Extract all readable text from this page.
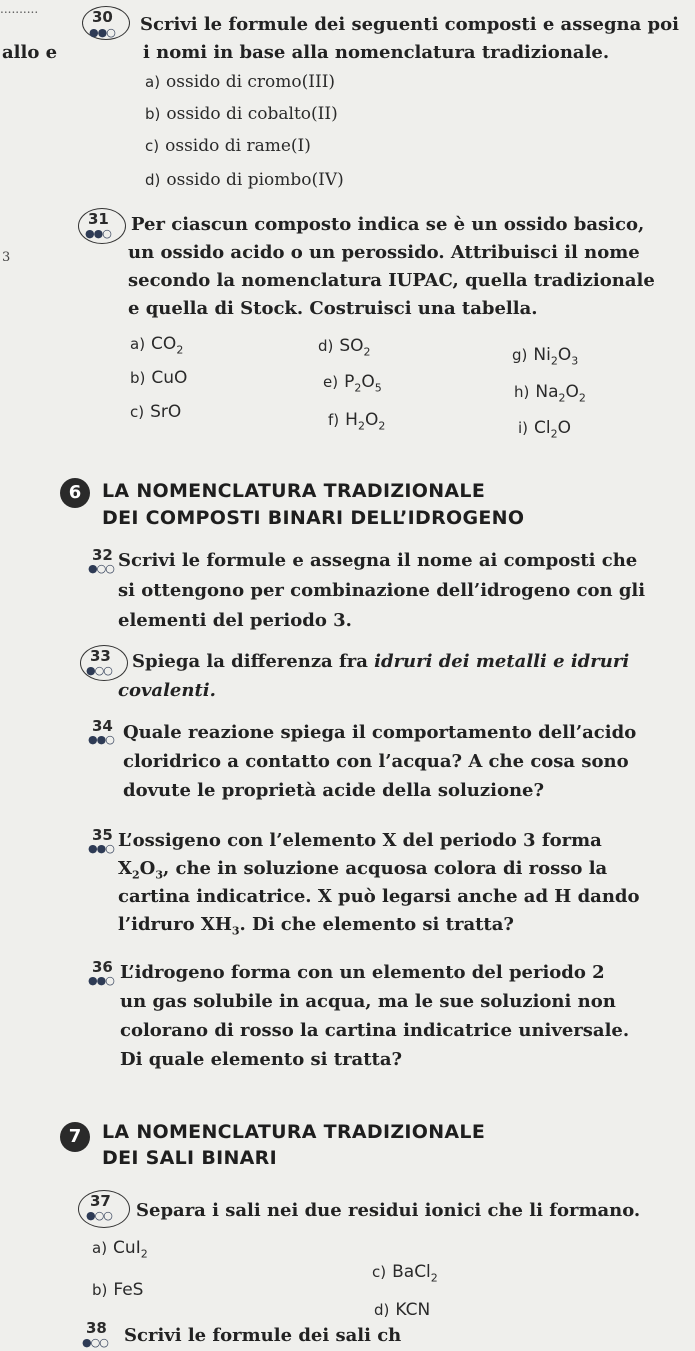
..........
allo e
3
30
●●○ Scrivi le formule dei seguenti composti e assegna poi
i nomi in base alla nomenclatura tradizionale.
a) ossido di cromo(III)
b) ossido di cobalto(II)
c) ossido di rame(I)
d) ossido di piombo(IV)
31
●●○ Per ciascun composto indica se è un ossido basico,
un ossido acido o un perossido. Attribuisci il nome
secondo la nomenclatura IUPAC, quella tradizionale
e quella di Stock. Costruisci una tabella.
a) $CO_2$
b) CuO
c) SrO
d) $SO_2$
e) $P_2O_5$
f) $H_2O_2$
g) $Ni_2O_3$
h) $Na_2O_2$
i) $Cl_2O$
6	LA NOMENCLATURA TRADIZIONALE
DEI COMPOSTI BINARI DELL’IDROGENO
32
●○○ Scrivi le formule e assegna il nome ai composti che
si ottengono per combinazione dell’idrogeno con gli
elementi del periodo 3.
33
●○○ Spiega la differenza fra idruri dei metalli e idruri
covalenti.
34
●●○ Quale reazione spiega il comportamento dell’acido
cloridrico a contatto con l’acqua? A che cosa sono
dovute le proprietà acide della soluzione?
35
●●○ L’ossigeno con l’elemento X del periodo 3 forma
$X_2O_3$, che in soluzione acquosa colora di rosso la
cartina indicatrice. X può legarsi anche ad H dando
l’idruro $XH_3$. Di che elemento si tratta?
36
●●○ L’idrogeno forma con un elemento del periodo 2
un gas solubile in acqua, ma le sue soluzioni non
colorano di rosso la cartina indicatrice universale.
Di quale elemento si tratta?
7	LA NOMENCLATURA TRADIZIONALE
DEI SALI BINARI
37
●○○ Separa i sali nei due residui ionici che li formano.
a) CuI$_2$
b) FeS
c) BaCl$_2$
d) KCN
38
●○○ Scrivi le formule dei sali ch
